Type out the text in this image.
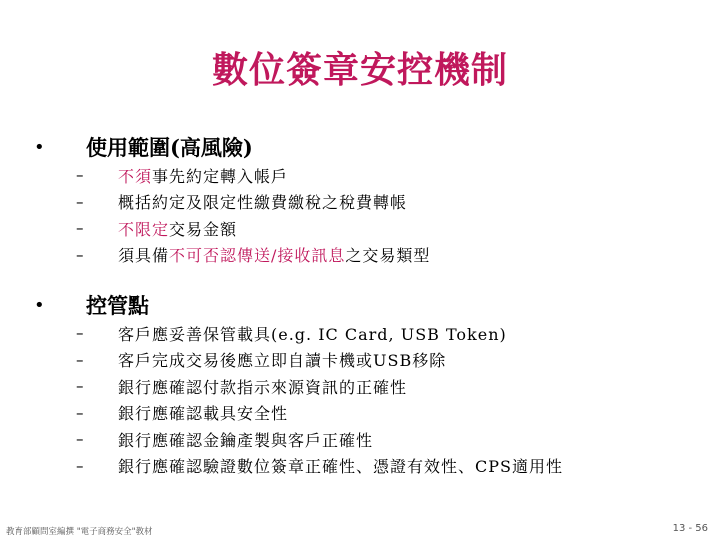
數位簽章安控機制
•	使用範圍(高風險)
–	不須 事先約定轉入帳戶
–	概括約定及限定性繳費繳稅之稅費轉帳
–	不限定 交易金額
–	須具備 不可否認傳送/接收訊息 之交易類型
•	控管點
–	客戶應妥善保管載具(e.g. IC Card, USB Token)
–	客戶完成交易後應立即自讀卡機或USB移除
–	銀行應確認付款指示來源資訊的正確性
–	銀行應確認載具安全性
–	銀行應確認金鑰產製與客戶正確性
–	銀行應確認驗證數位簽章正確性、憑證有效性、CPS適用性
教育部顧問室編撰 "電子商務安全"教材	13 - 56
